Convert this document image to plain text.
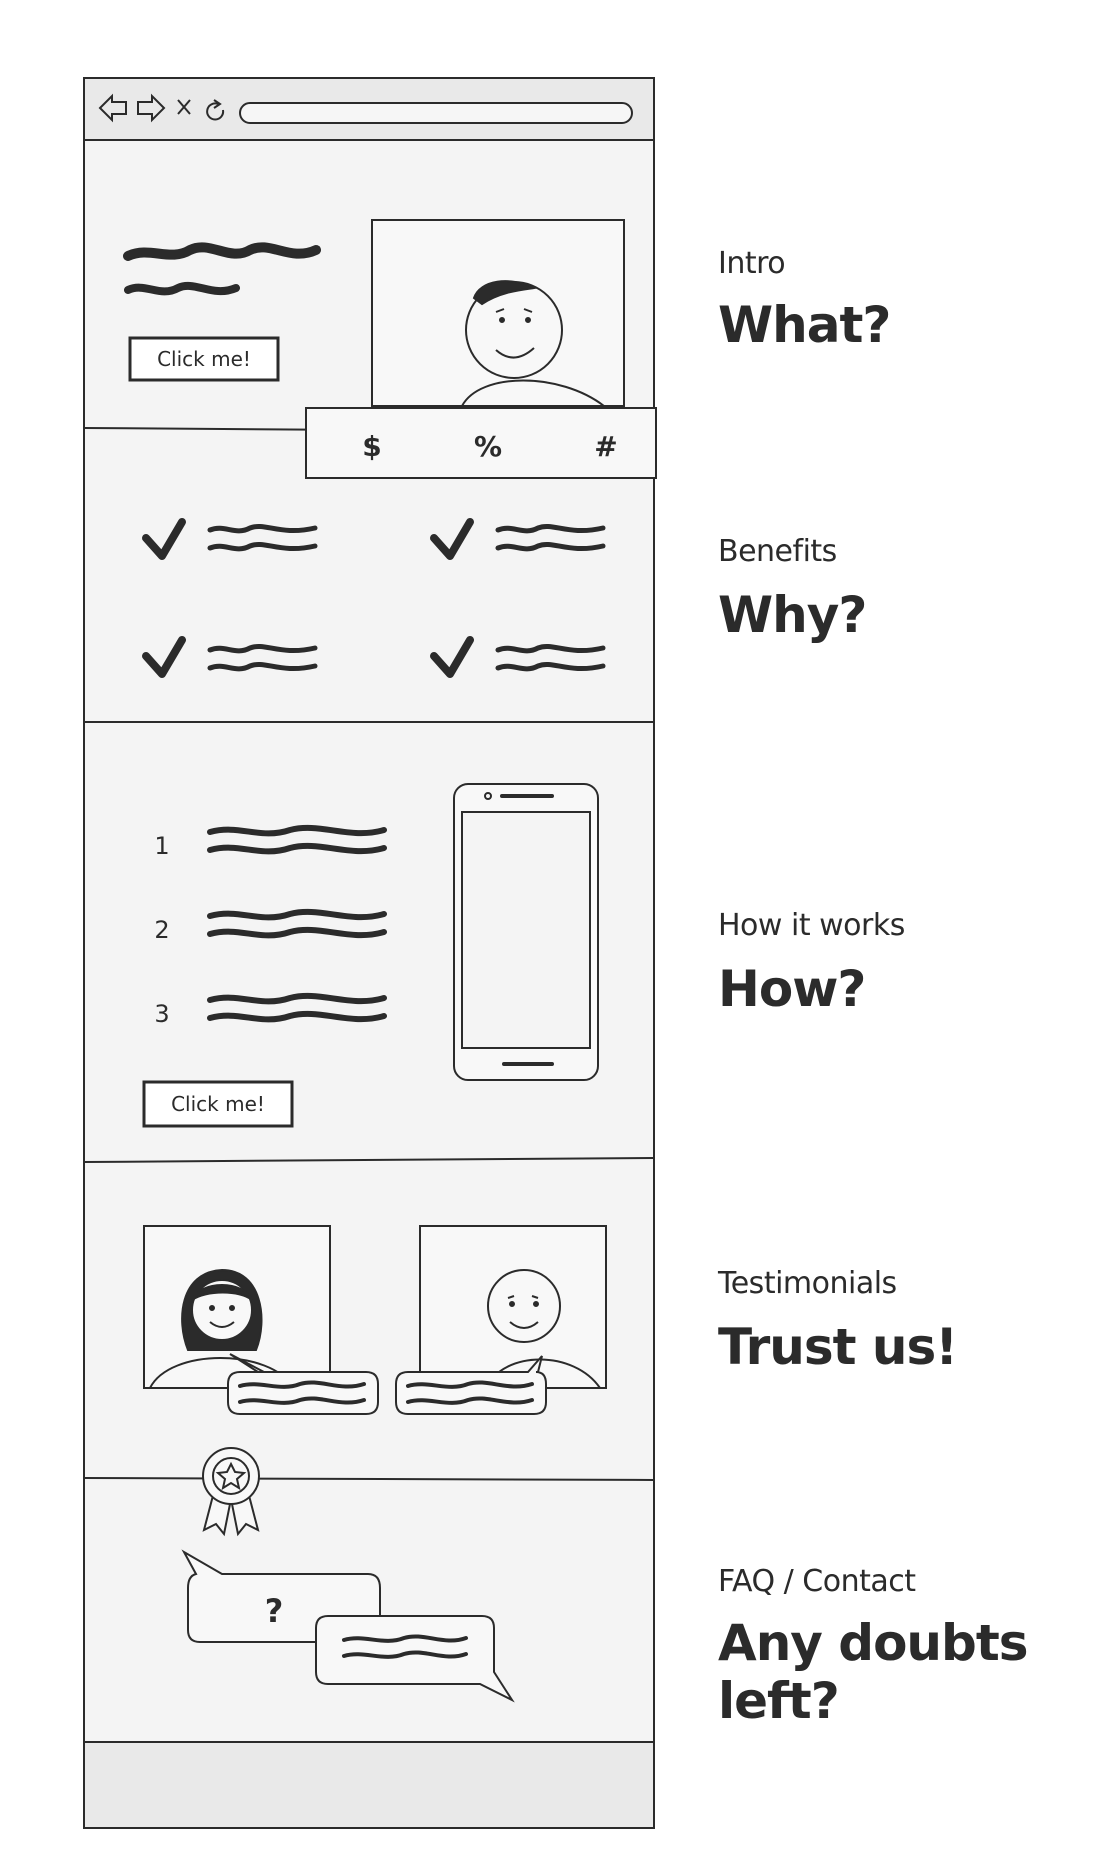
Click me!
$	%	#
1
2
3
Click me!
?

Intro

What?

Benefits

Why?

How it works

How?

Testimonials

Trust us!

FAQ / Contact

Any doubts left?
